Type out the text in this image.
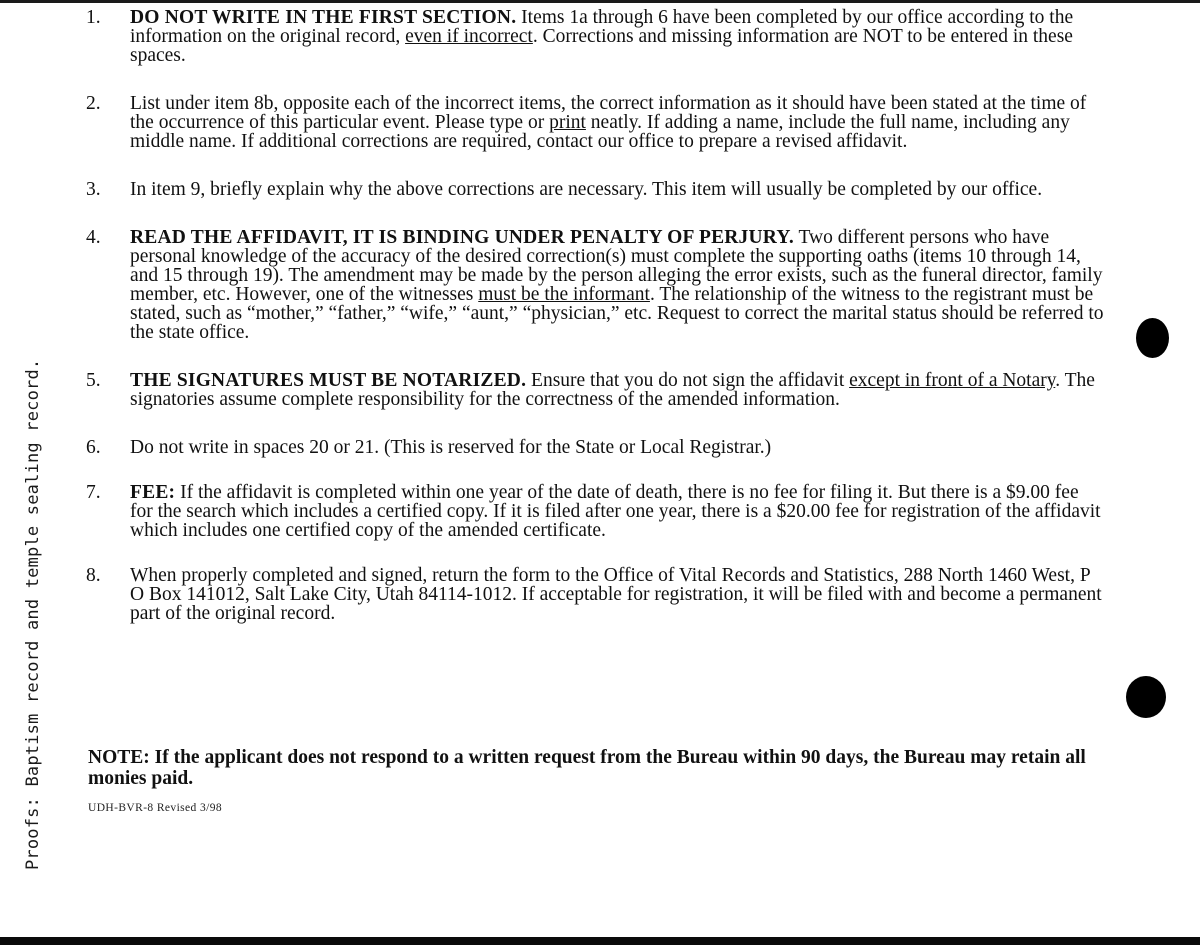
Proofs: Baptism record and temple sealing record.
1. DO NOT WRITE IN THE FIRST SECTION. Items 1a through 6 have been completed by our office according to the information on the original record, even if incorrect. Corrections and missing information are NOT to be entered in these spaces.
2. List under item 8b, opposite each of the incorrect items, the correct information as it should have been stated at the time of the occurrence of this particular event. Please type or print neatly. If adding a name, include the full name, including any middle name. If additional corrections are required, contact our office to prepare a revised affidavit.
3. In item 9, briefly explain why the above corrections are necessary. This item will usually be completed by our office.
4. READ THE AFFIDAVIT, IT IS BINDING UNDER PENALTY OF PERJURY. Two different persons who have personal knowledge of the accuracy of the desired correction(s) must complete the supporting oaths (items 10 through 14, and 15 through 19). The amendment may be made by the person alleging the error exists, such as the funeral director, family member, etc. However, one of the witnesses must be the informant. The relationship of the witness to the registrant must be stated, such as “mother,” “father,” “wife,” “aunt,” “physician,” etc. Request to correct the marital status should be referred to the state office.
5. THE SIGNATURES MUST BE NOTARIZED. Ensure that you do not sign the affidavit except in front of a Notary. The signatories assume complete responsibility for the correctness of the amended information.
6. Do not write in spaces 20 or 21. (This is reserved for the State or Local Registrar.)
7. FEE: If the affidavit is completed within one year of the date of death, there is no fee for filing it. But there is a $9.00 fee for the search which includes a certified copy. If it is filed after one year, there is a $20.00 fee for registration of the affidavit which includes one certified copy of the amended certificate.
8. When properly completed and signed, return the form to the Office of Vital Records and Statistics, 288 North 1460 West, P O Box 141012, Salt Lake City, Utah 84114-1012. If acceptable for registration, it will be filed with and become a permanent part of the original record.
NOTE: If the applicant does not respond to a written request from the Bureau within 90 days, the Bureau may retain all monies paid.
UDH-BVR-8 Revised 3/98
